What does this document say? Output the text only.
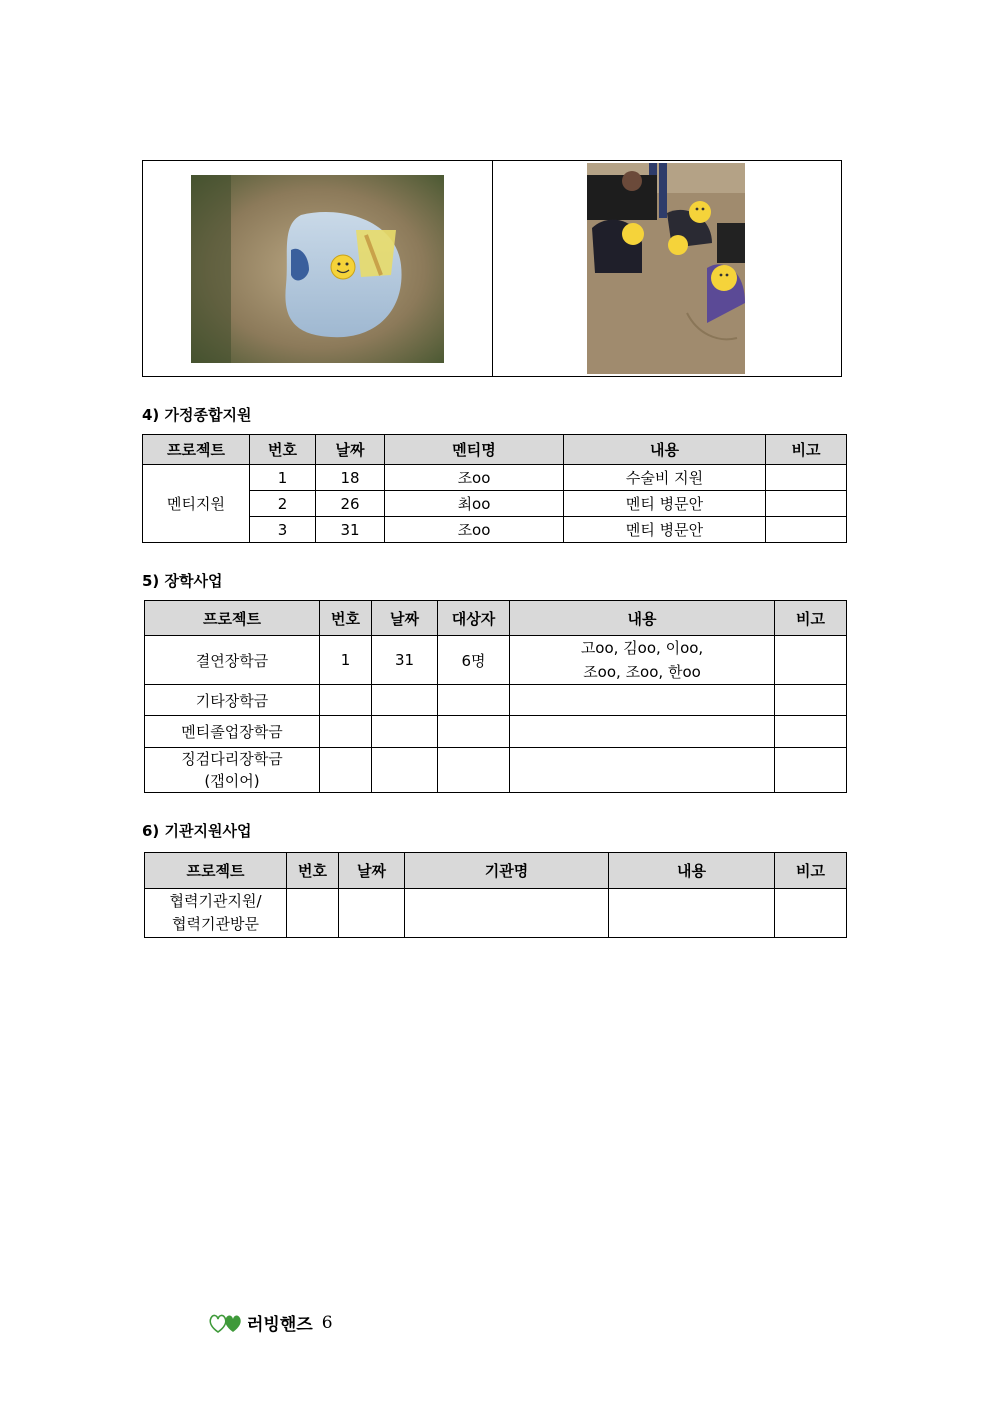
4) 가정종합지원
프로젝트	번호	날짜	멘티명	내용	비고
멘티지원	1	18	조oo	수술비 지원	
	2	26	최oo	멘티 병문안	
	3	31	조oo	멘티 병문안	
5) 장학사업
프로젝트	번호	날짜	대상자	내용	비고
결연장학금	1	31	6명	고oo, 김oo, 이oo,
조oo, 조oo, 한oo	

기타장학금					
멘티졸업장학금					

징검다리장학금
(갭이어)					

6) 기관지원사업
프로젝트	번호	날짜	기관명	내용	비고

협력기관지원/
협력기관방문					

러빙핸즈 6
